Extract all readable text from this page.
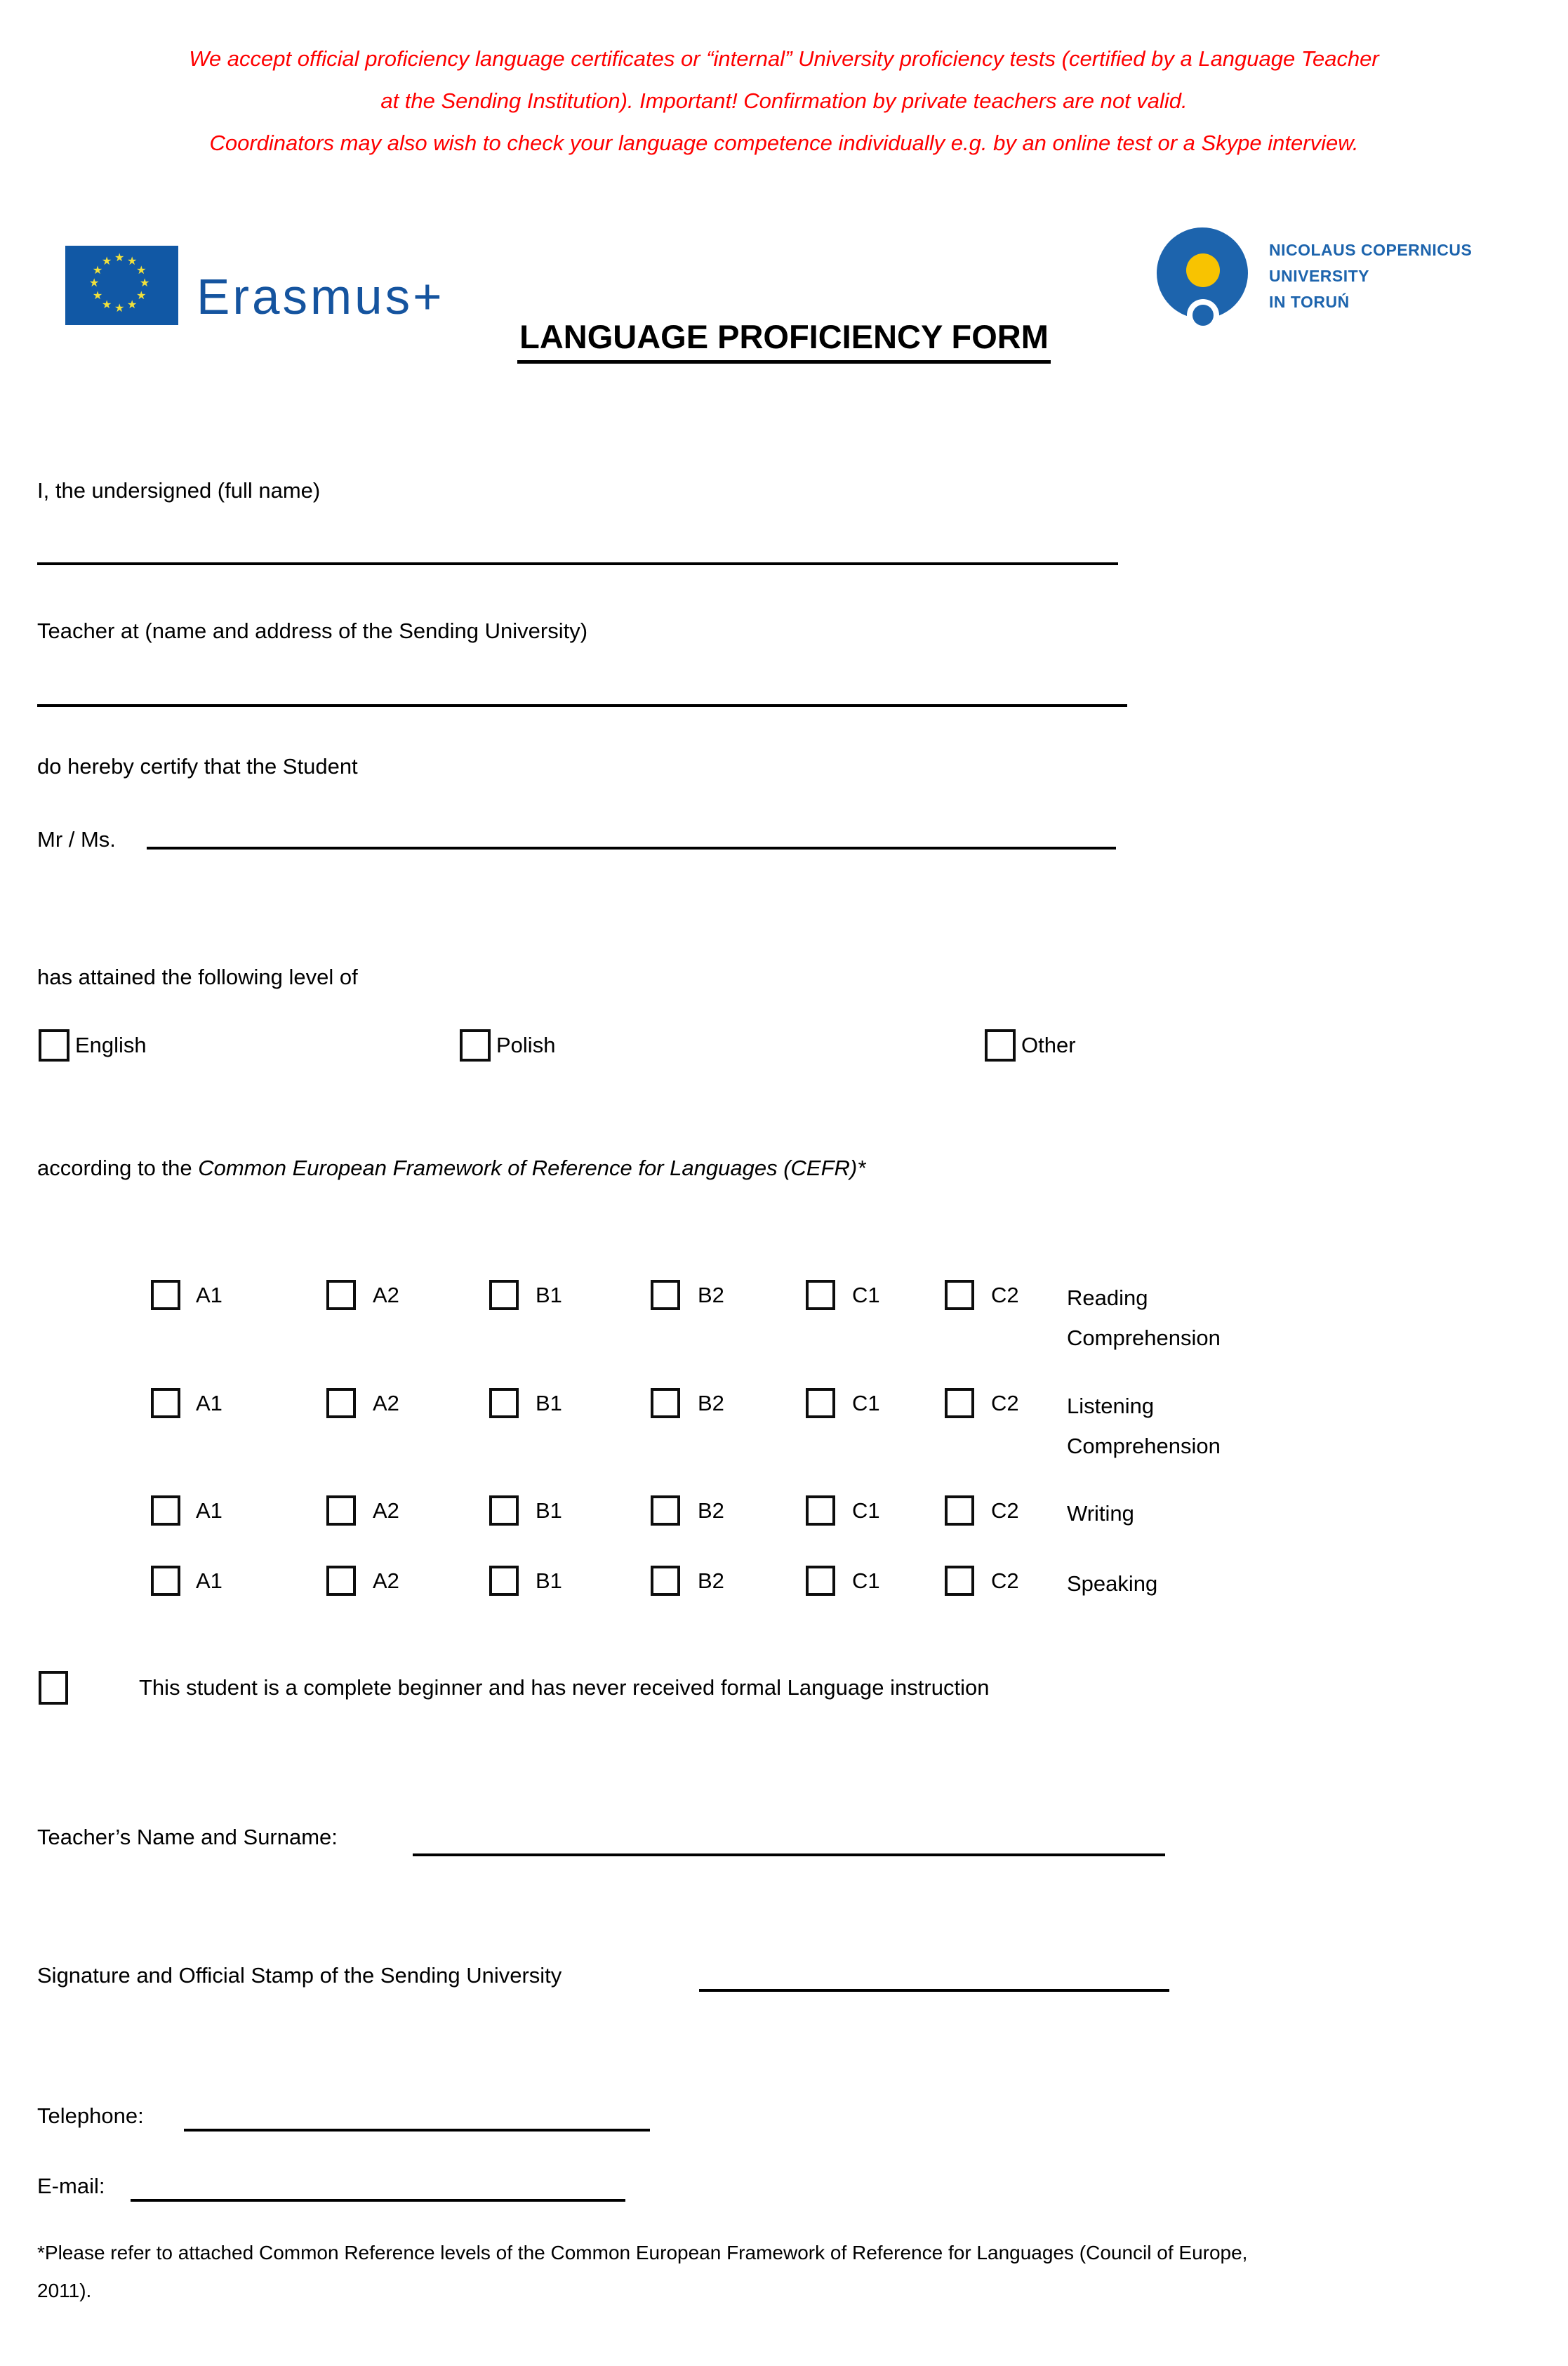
We accept official proficiency language certificates or “internal” University proficiency tests (certified by a Language Teacher
at the Sending Institution). Important! Confirmation by private teachers are not valid.
Coordinators may also wish to check your language competence individually e.g. by an online test or a Skype interview.
★ ★
★
★
★
★
★
★
★
★
★
★
Erasmus+
LANGUAGE PROFICIENCY FORM
NICOLAUS COPERNICUS
UNIVERSITY
IN TORUŃ
I, the undersigned (full name)
Teacher at (name and address of the Sending University)
do hereby certify that the Student
Mr / Ms.
has attained the following level of
English	Polish	Other
according to the Common European Framework of Reference for Languages (CEFR)*
A1	A2	B1	B2	C1	C2 Reading
Comprehension
A1	A2	B1	B2	C1	C2 Listening
Comprehension
A1	A2	B1	B2	C1	C2 Writing
A1	A2	B1	B2	C1	C2 Speaking
This student is a complete beginner and has never received formal Language instruction
Teacher’s Name and Surname:
Signature and Official Stamp of the Sending University
Telephone:
E-mail:
*Please refer to attached Common Reference levels of the Common European Framework of Reference for Languages (Council of Europe,
2011).
